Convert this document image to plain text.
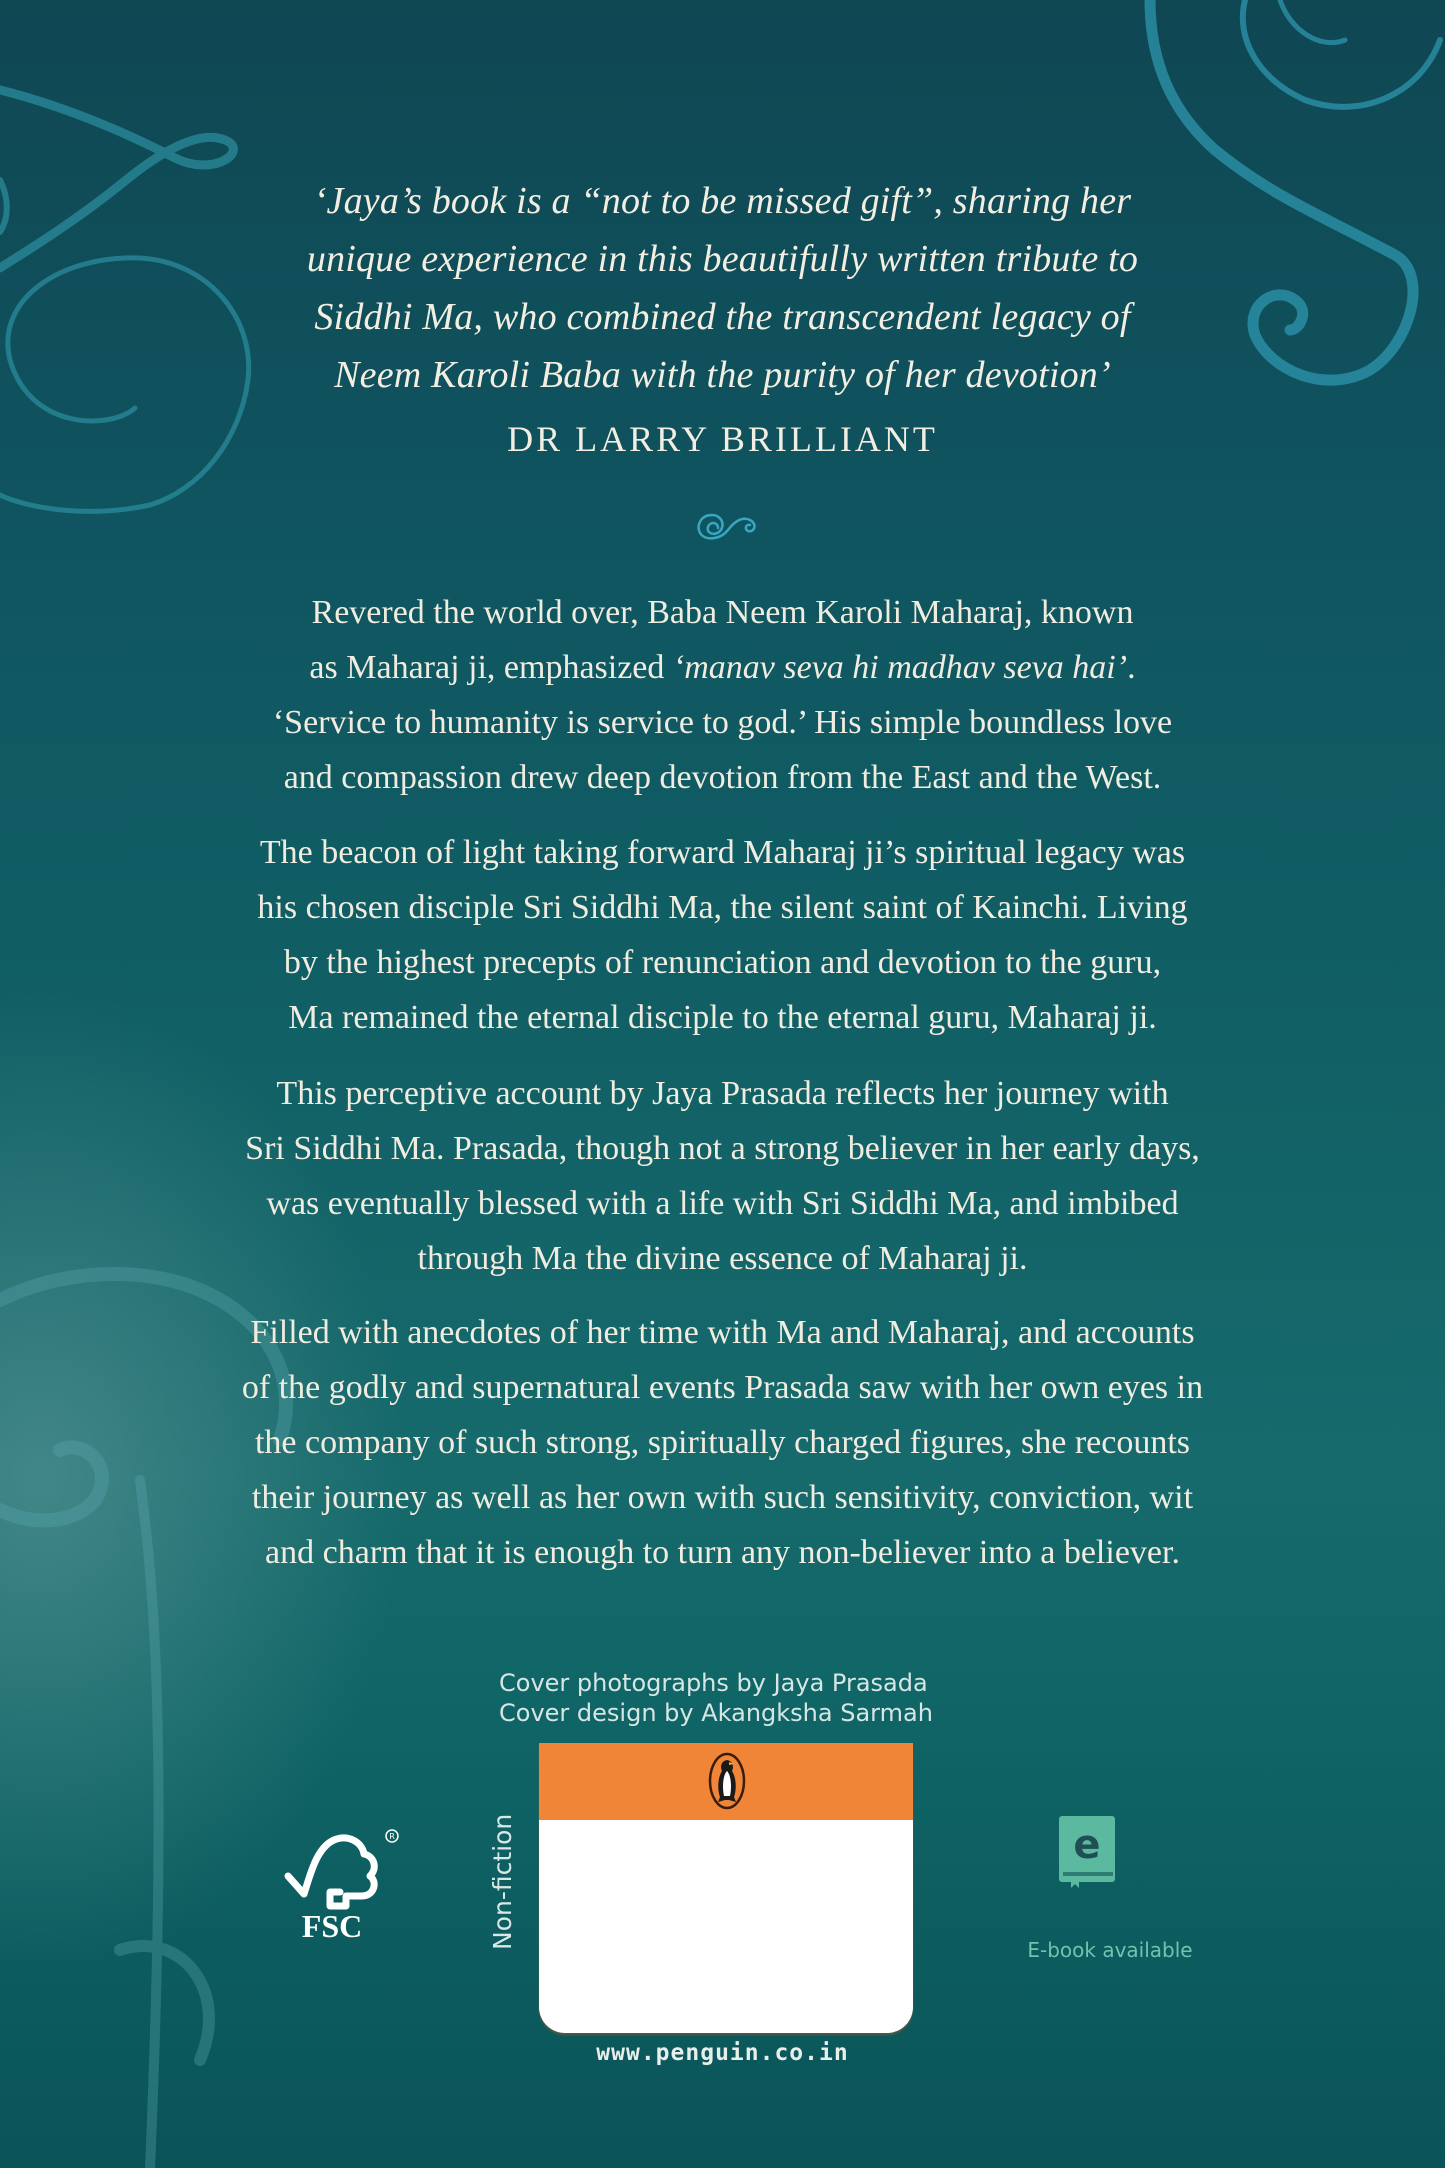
‘Jaya’s book is a “not to be missed gift”, sharing her
unique experience in this beautifully written tribute to
Siddhi Ma, who combined the transcendent legacy of
Neem Karoli Baba with the purity of her devotion’
DR LARRY BRILLIANT
Revered the world over, Baba Neem Karoli Maharaj, known
as Maharaj ji, emphasized ‘manav seva hi madhav seva hai’.
‘Service to humanity is service to god.’ His simple boundless love
and compassion drew deep devotion from the East and the West.
The beacon of light taking forward Maharaj ji’s spiritual legacy was
his chosen disciple Sri Siddhi Ma, the silent saint of Kainchi. Living
by the highest precepts of renunciation and devotion to the guru,
Ma remained the eternal disciple to the eternal guru, Maharaj ji.
This perceptive account by Jaya Prasada reflects her journey with
Sri Siddhi Ma. Prasada, though not a strong believer in her early days,
was eventually blessed with a life with Sri Siddhi Ma, and imbibed
through Ma the divine essence of Maharaj ji.
Filled with anecdotes of her time with Ma and Maharaj, and accounts
of the godly and supernatural events Prasada saw with her own eyes in
the company of such strong, spiritually charged figures, she recounts
their journey as well as her own with such sensitivity, conviction, wit
and charm that it is enough to turn any non-believer into a believer.
Cover photographs by Jaya Prasada
Cover design by Akangksha Sarmah
R
FSC	Non-fiction
www.penguin.co.in
e
E-book available
